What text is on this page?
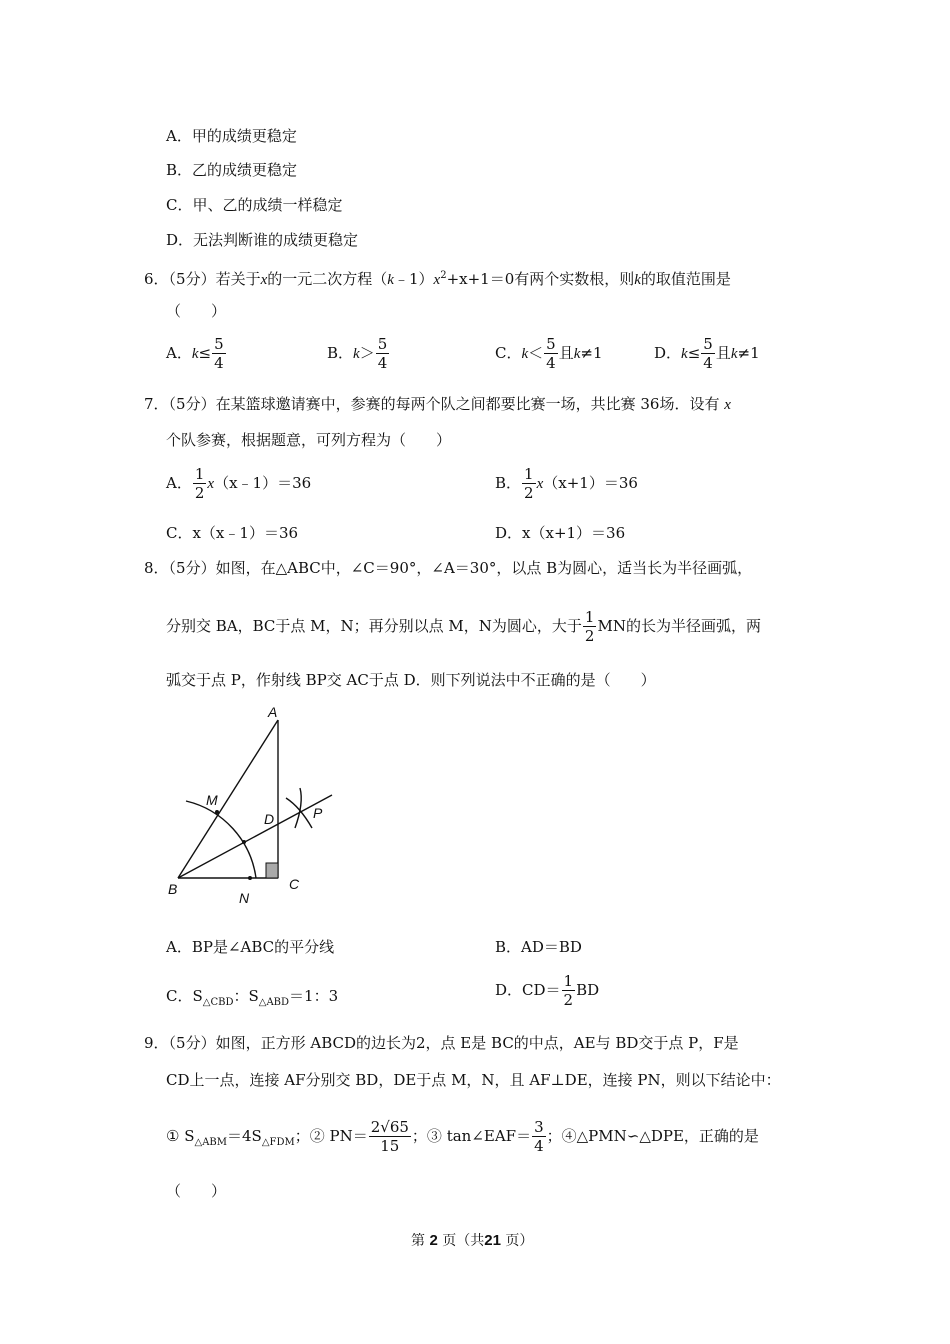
A．甲的成绩更稳定
B．乙的成绩更稳定
C．甲、乙的成绩一样稳定
D．无法判断谁的成绩更稳定
6．（5分）若关于x的一元二次方程$(k﹣1)x^2+x+1=0$有两个实数根，则k的取值范围是
（　　）
A．$k\le \frac{5}{4}$	B．$k> \frac{5}{4}$	C．$k< \frac{5}{4}$ 且k≠1	D．$k\le \frac{5}{4}$ 且k≠1
7．（5分）在某篮球邀请赛中，参赛的每两个队之间都要比赛一场，共比赛 36场．设有 x
个队参赛，根据题意，可列方程为（　　）
A． $\frac{1}{2}$ x（x﹣1）＝36	B． $\frac{1}{2} x(x+1)=36$
C．x（x﹣1）＝36	D．x（x+1）＝36
8．（5分）如图，在△ABC中，∠C＝90°，∠A＝30°，以点 B为圆心，适当长为半径画弧，
分别交 BA，BC于点 M，N；再分别以点 M，N为圆心，大于 $\frac{1}{2}$ MN的长为半径画弧，两
弧交于点 P，作射线 BP交 AC于点 D．则下列说法中不正确的是（　　）
A
B	C
D
M
N
P
A．BP是∠ABC的平分线	B．AD＝BD
C．$S_{\triangle CBD}$：$S_{\triangle ABD}=1$：3	D．$CD= \frac{1}{2}$ BD
9．（5分）如图，正方形 ABCD的边长为2，点 E是 BC的中点，AE与 BD交于点 P，F是
CD上一点，连接 AF分别交 BD，DE于点 M，N，且 AF⊥DE，连接 PN，则以下结论中：
① $S_{\triangle ABM}=4S_{\triangle FDM}$；② $PN= \frac{2√65}{15}$ ；③ tan∠EAF＝ $\frac{3}{4}$ ；④△PMN∽△DPE，正确的是
（　　）
第 2 页（共21 页）
